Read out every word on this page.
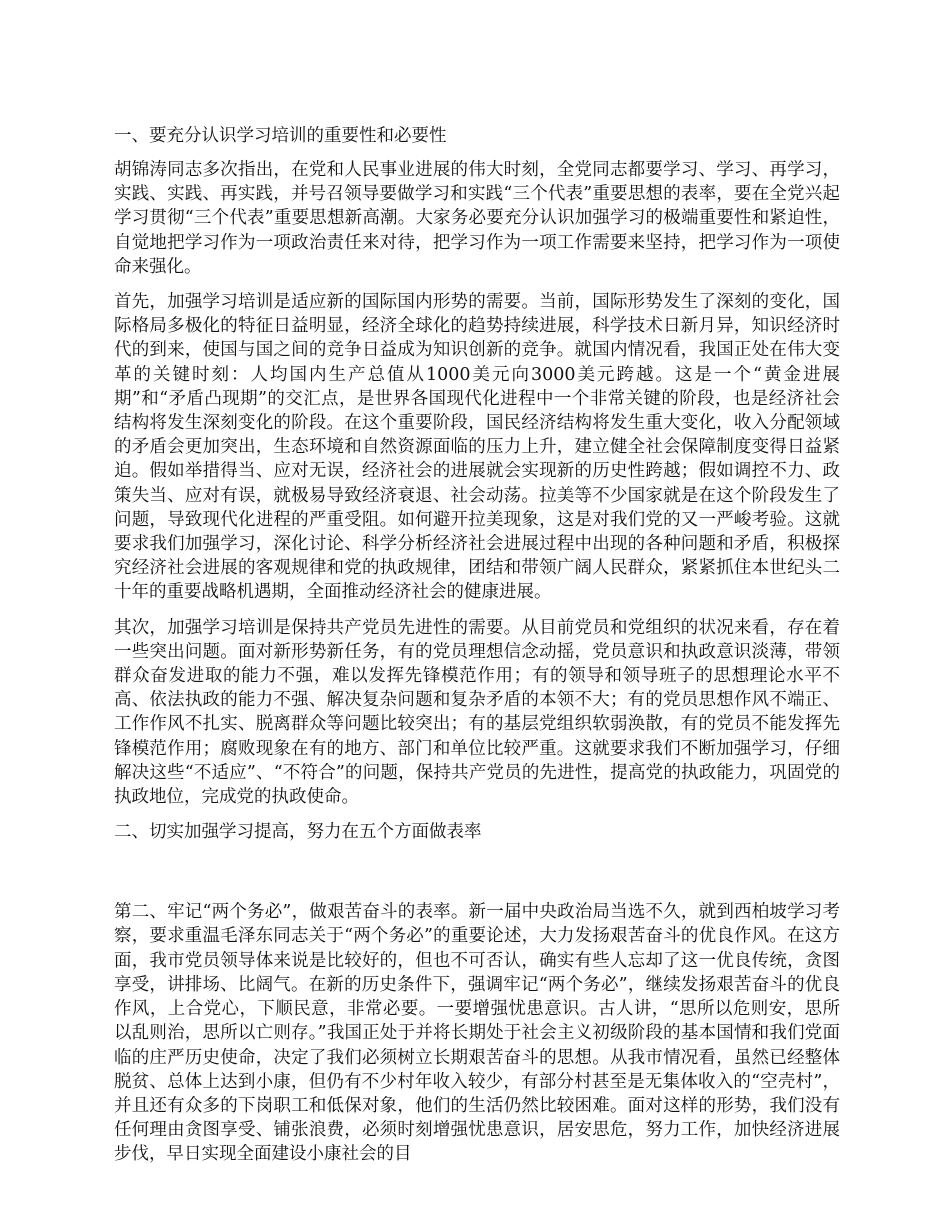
一、要充分认识学习培训的重要性和必要性

胡锦涛同志多次指出，在党和人民事业进展的伟大时刻，全党同志都要学习、学习、再学习，实践、实践、再实践，并号召领导要做学习和实践“三个代表”重要思想的表率，要在全党兴起学习贯彻“三个代表”重要思想新高潮。大家务必要充分认识加强学习的极端重要性和紧迫性，自觉地把学习作为一项政治责任来对待，把学习作为一项工作需要来坚持，把学习作为一项使命来强化。

首先，加强学习培训是适应新的国际国内形势的需要。当前，国际形势发生了深刻的变化，国际格局多极化的特征日益明显，经济全球化的趋势持续进展，科学技术日新月异，知识经济时代的到来，使国与国之间的竞争日益成为知识创新的竞争。就国内情况看，我国正处在伟大变革的关键时刻：人均国内生产总值从1000美元向3000美元跨越。这是一个“黄金进展期”和“矛盾凸现期”的交汇点，是世界各国现代化进程中一个非常关键的阶段，也是经济社会结构将发生深刻变化的阶段。在这个重要阶段，国民经济结构将发生重大变化，收入分配领域的矛盾会更加突出，生态环境和自然资源面临的压力上升，建立健全社会保障制度变得日益紧迫。假如举措得当、应对无误，经济社会的进展就会实现新的历史性跨越；假如调控不力、政策失当、应对有误，就极易导致经济衰退、社会动荡。拉美等不少国家就是在这个阶段发生了问题，导致现代化进程的严重受阻。如何避开拉美现象，这是对我们党的又一严峻考验。这就要求我们加强学习，深化讨论、科学分析经济社会进展过程中出现的各种问题和矛盾，积极探究经济社会进展的客观规律和党的执政规律，团结和带领广阔人民群众，紧紧抓住本世纪头二十年的重要战略机遇期，全面推动经济社会的健康进展。

其次，加强学习培训是保持共产党员先进性的需要。从目前党员和党组织的状况来看，存在着一些突出问题。面对新形势新任务，有的党员理想信念动摇，党员意识和执政意识淡薄，带领群众奋发进取的能力不强，难以发挥先锋模范作用；有的领导和领导班子的思想理论水平不高、依法执政的能力不强、解决复杂问题和复杂矛盾的本领不大；有的党员思想作风不端正、工作作风不扎实、脱离群众等问题比较突出；有的基层党组织软弱涣散，有的党员不能发挥先锋模范作用；腐败现象在有的地方、部门和单位比较严重。这就要求我们不断加强学习，仔细解决这些“不适应”、“不符合”的问题，保持共产党员的先进性，提高党的执政能力，巩固党的执政地位，完成党的执政使命。

二、切实加强学习提高，努力在五个方面做表率

第二、牢记“两个务必”，做艰苦奋斗的表率。新一届中央政治局当选不久，就到西柏坡学习考察，要求重温毛泽东同志关于“两个务必”的重要论述，大力发扬艰苦奋斗的优良作风。在这方面，我市党员领导体来说是比较好的，但也不可否认，确实有些人忘却了这一优良传统，贪图享受，讲排场、比阔气。在新的历史条件下，强调牢记“两个务必”，继续发扬艰苦奋斗的优良作风，上合党心，下顺民意，非常必要。一要增强忧患意识。古人讲，“思所以危则安，思所以乱则治，思所以亡则存。”我国正处于并将长期处于社会主义初级阶段的基本国情和我们党面临的庄严历史使命，决定了我们必须树立长期艰苦奋斗的思想。从我市情况看，虽然已经整体脱贫、总体上达到小康，但仍有不少村年收入较少，有部分村甚至是无集体收入的“空壳村”，并且还有众多的下岗职工和低保对象，他们的生活仍然比较困难。面对这样的形势，我们没有任何理由贪图享受、铺张浪费，必须时刻增强忧患意识，居安思危，努力工作，加快经济进展步伐，早日实现全面建设小康社会的目
